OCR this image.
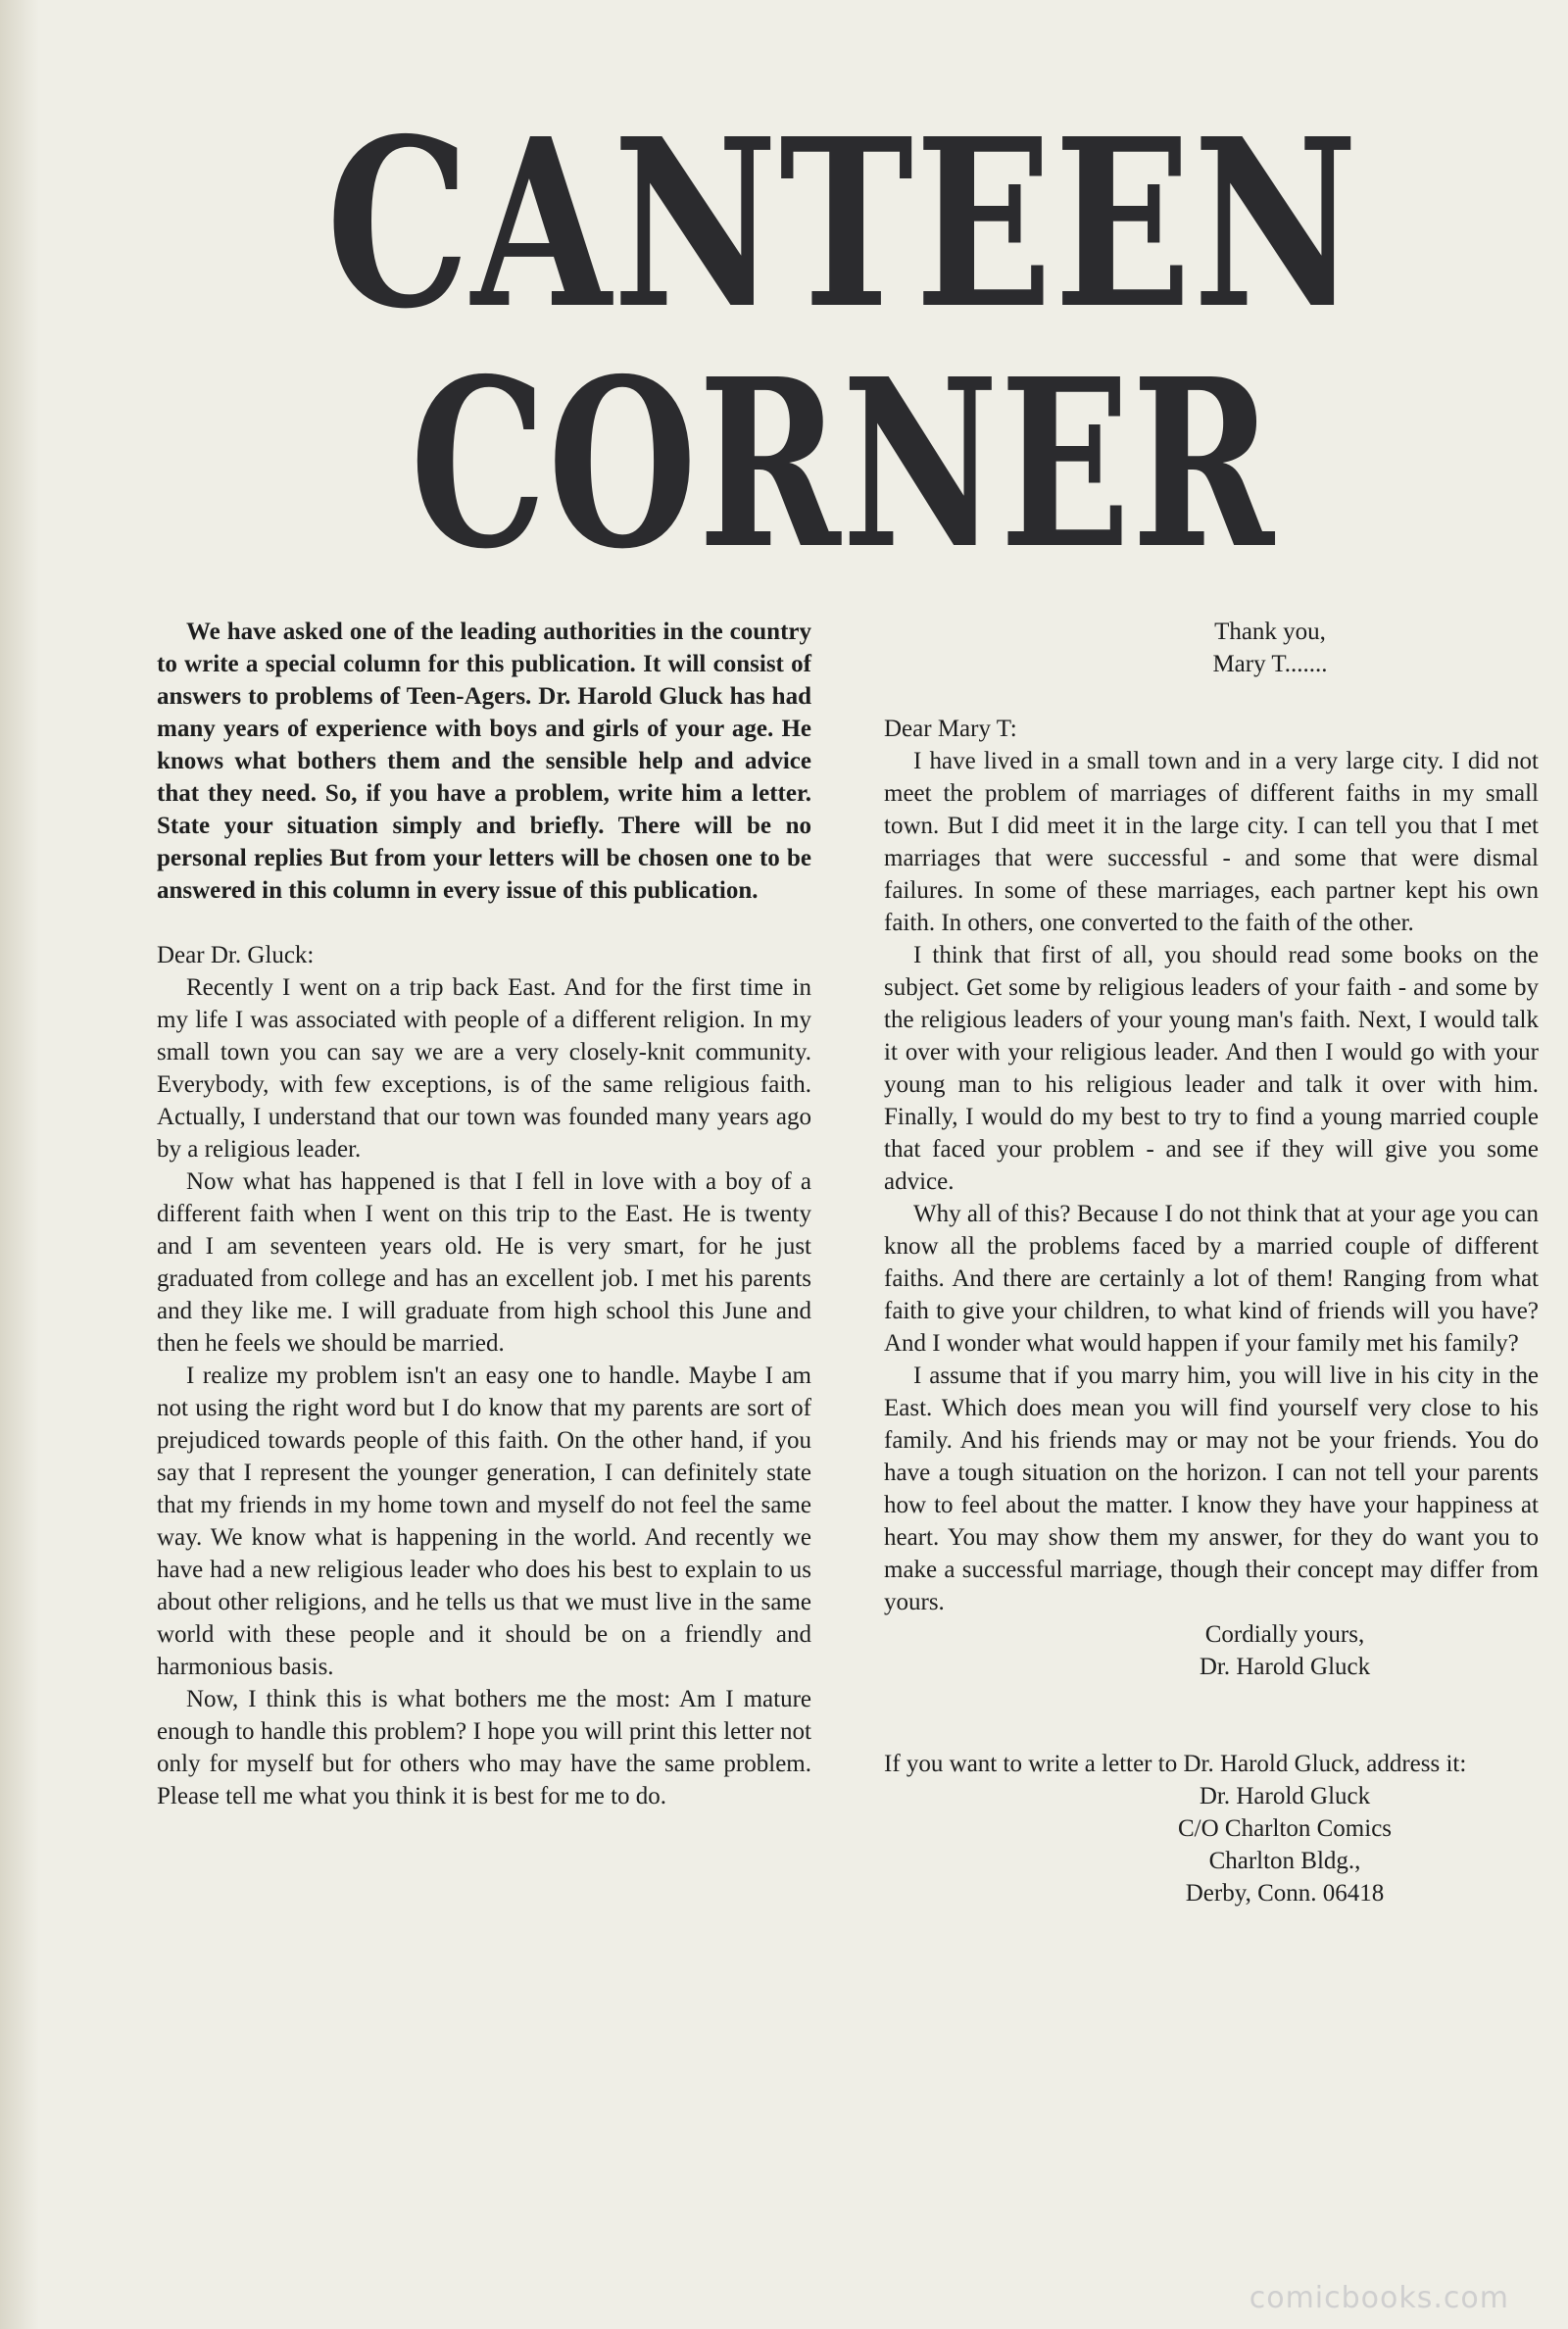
CANTEEN
CORNER

We have asked one of the leading authorities in the country to write a special column for this publication. It will consist of answers to problems of Teen-Agers. Dr. Harold Gluck has had many years of experience with boys and girls of your age. He knows what bothers them and the sensible help and advice that they need. So, if you have a problem, write him a letter. State your situation simply and briefly. There will be no personal replies But from your letters will be chosen one to be answered in this column in every issue of this publication.

Dear Dr. Gluck:

Recently I went on a trip back East. And for the first time in my life I was associated with people of a different religion. In my small town you can say we are a very closely-knit community. Everybody, with few exceptions, is of the same religious faith. Actually, I understand that our town was founded many years ago by a religious leader.

Now what has happened is that I fell in love with a boy of a different faith when I went on this trip to the East. He is twenty and I am seventeen years old. He is very smart, for he just graduated from college and has an excellent job. I met his parents and they like me. I will graduate from high school this June and then he feels we should be married.

I realize my problem isn't an easy one to handle. Maybe I am not using the right word but I do know that my parents are sort of prejudiced towards people of this faith. On the other hand, if you say that I represent the younger generation, I can definitely state that my friends in my home town and myself do not feel the same way. We know what is happening in the world. And recently we have had a new religious leader who does his best to explain to us about other religions, and he tells us that we must live in the same world with these people and it should be on a friendly and harmonious basis.

Now, I think this is what bothers me the most: Am I mature enough to handle this problem? I hope you will print this letter not only for myself but for others who may have the same problem. Please tell me what you think it is best for me to do.

Thank you,

Mary T.......

Dear Mary T:

I have lived in a small town and in a very large city. I did not meet the problem of marriages of different faiths in my small town. But I did meet it in the large city. I can tell you that I met marriages that were successful - and some that were dismal failures. In some of these marriages, each partner kept his own faith. In others, one converted to the faith of the other.

I think that first of all, you should read some books on the subject. Get some by religious leaders of your faith - and some by the religious leaders of your young man's faith. Next, I would talk it over with your religious leader. And then I would go with your young man to his religious leader and talk it over with him. Finally, I would do my best to try to find a young married couple that faced your problem - and see if they will give you some advice.

Why all of this? Because I do not think that at your age you can know all the problems faced by a married couple of different faiths. And there are certainly a lot of them! Ranging from what faith to give your children, to what kind of friends will you have? And I wonder what would happen if your family met his family?

I assume that if you marry him, you will live in his city in the East. Which does mean you will find yourself very close to his family. And his friends may or may not be your friends. You do have a tough situation on the horizon. I can not tell your parents how to feel about the matter. I know they have your happiness at heart. You may show them my answer, for they do want you to make a successful marriage, though their concept may differ from yours.

Cordially yours,

Dr. Harold Gluck

If you want to write a letter to Dr. Harold Gluck, address it:

Dr. Harold Gluck

C/O Charlton Comics

Charlton Bldg.,

Derby, Conn. 06418

comicbooks.com
